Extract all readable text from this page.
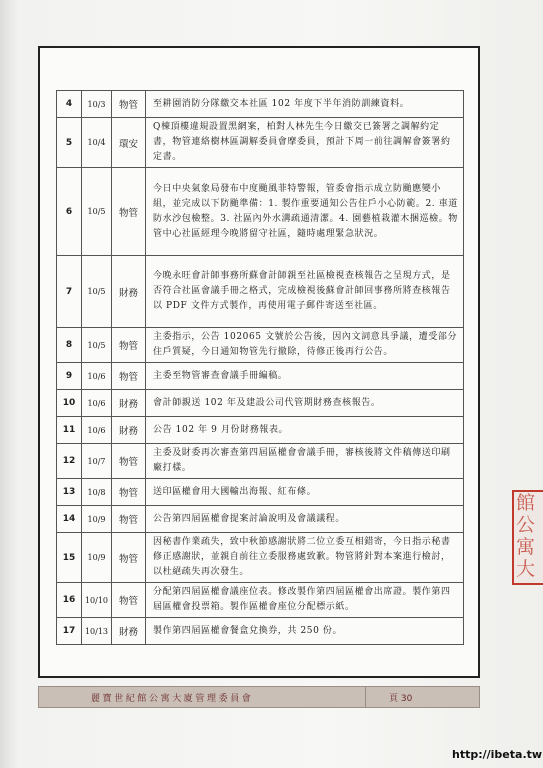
4	10/3	物管	至耕園消防分隊繳交本社區 102 年度下半年消防訓練資料。
5	10/4	環安	Q棟頂樓違規設置黑網案，柏對人林先生今日繳交已簽署之調解約定書，物管連絡樹林區調解委員會摩委員，預計下周一前往調解會簽署約定書。
6	10/5	物管	今日中央氣象局發布中度颱風菲特警報，管委會指示成立防颱應變小組，並完成以下防颱準備：1. 製作重要通知公告住戶小心防範。2. 車道防水沙包檢整。3. 社區內外水溝疏通清潔。4. 園藝植栽灌木捆巡檢。物管中心社區經理今晚將留守社區，隨時處理緊急狀況。
7	10/5	財務	今晚永旺會計師事務所蘇會計師親至社區檢視查核報告之呈現方式，是否符合社區會議手冊之格式，完成檢視後蘇會計師回事務所將查核報告以 PDF 文件方式製作，再使用電子郵件寄送至社區。
8	10/5	物管	主委指示，公告 102065 文號於公告後，因內文詞意具爭議，遭受部分住戶質疑，今日通知物管先行撤除，待修正後再行公告。
9	10/6	物管	主委至物管審查會議手冊編稿。
10	10/6	財務	會計師親送 102 年及建設公司代管期財務查核報告。
11	10/6	財務	公告 102 年 9 月份財務報表。
12	10/7	物管	主委及財委再次審查第四屆區權會會議手冊，審核後將文件稿傳送印刷廠打樣。
13	10/8	物管	送印區權會用大國輸出海報、紅布條。
14	10/9	物管	公告第四屆區權會提案討論說明及會議議程。
15	10/9	物管	因秘書作業疏失，致中秋節感謝狀將二位立委互相錯寄，今日指示秘書修正感謝狀，並親自前往立委服務處致歉。物管將針對本案進行檢討，以杜絕疏失再次發生。
16	10/10	物管	分配第四屆區權會議座位表。修改製作第四屆區權會出席證。製作第四屆區權會投票箱。製作區權會座位分配標示紙。
17	10/13	財務	製作第四屆區權會餐盒兌換券，共 250 份。
麗寶世紀館公寓大廈管理委員會	頁 30
館
公
寓
大
http://ibeta.tw
